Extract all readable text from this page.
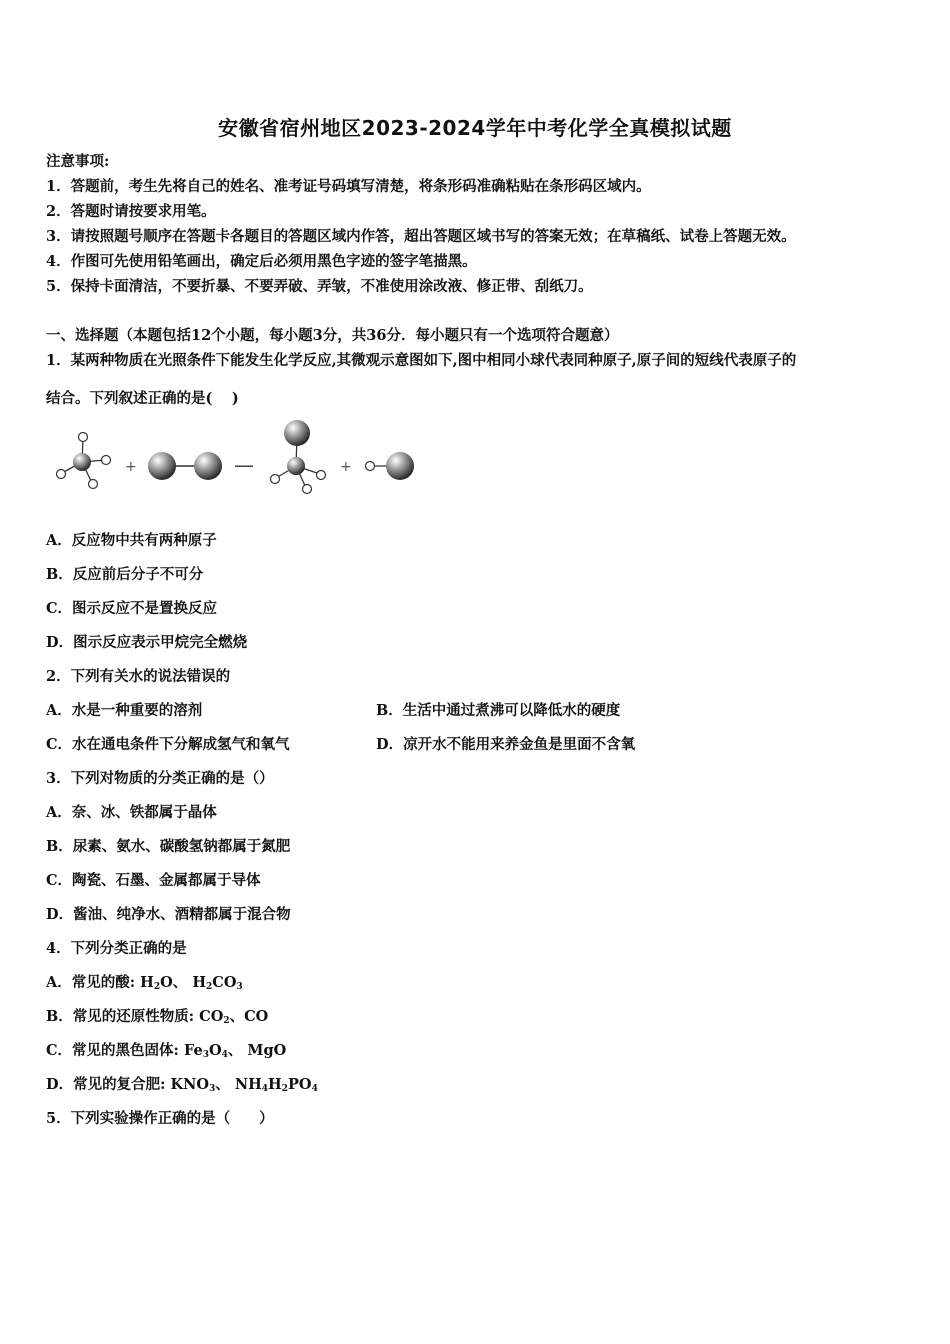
安徽省宿州地区2023-2024学年中考化学全真模拟试题
注意事项:
1．答题前，考生先将自己的姓名、准考证号码填写清楚，将条形码准确粘贴在条形码区域内。
2．答题时请按要求用笔。
3．请按照题号顺序在答题卡各题目的答题区域内作答，超出答题区域书写的答案无效；在草稿纸、试卷上答题无效。
4．作图可先使用铅笔画出，确定后必须用黑色字迹的签字笔描黑。
5．保持卡面清洁，不要折暴、不要弄破、弄皱，不准使用涂改液、修正带、刮纸刀。
一、选择题（本题包括12个小题，每小题3分，共36分．每小题只有一个选项符合题意）
1．某两种物质在光照条件下能发生化学反应,其微观示意图如下,图中相同小球代表同种原子,原子间的短线代表原子的
结合。下列叙述正确的是(　 )
+	—	+
A．反应物中共有两种原子
B．反应前后分子不可分
C．图示反应不是置换反应
D．图示反应表示甲烷完全燃烧
2．下列有关水的说法错误的
A．水是一种重要的溶剂	B．生活中通过煮沸可以降低水的硬度
C．水在通电条件下分解成氢气和氧气	D．凉开水不能用来养金鱼是里面不含氧
3．下列对物质的分类正确的是（）
A．奈、冰、铁都属于晶体
B．尿素、氨水、碳酸氢钠都属于氮肥
C．陶瓷、石墨、金属都属于导体
D．酱油、纯净水、酒精都属于混合物
4．下列分类正确的是
A．常见的酸: $H_2O$、 $H_2CO_3$
B．常见的还原性物质: $CO_2$、CO
C．常见的黑色固体: $Fe_3O_4$、 MgO
D．常见的复合肥: $KNO_3$、 $NH_4H_2PO_4$
5．下列实验操作正确的是（　　）
